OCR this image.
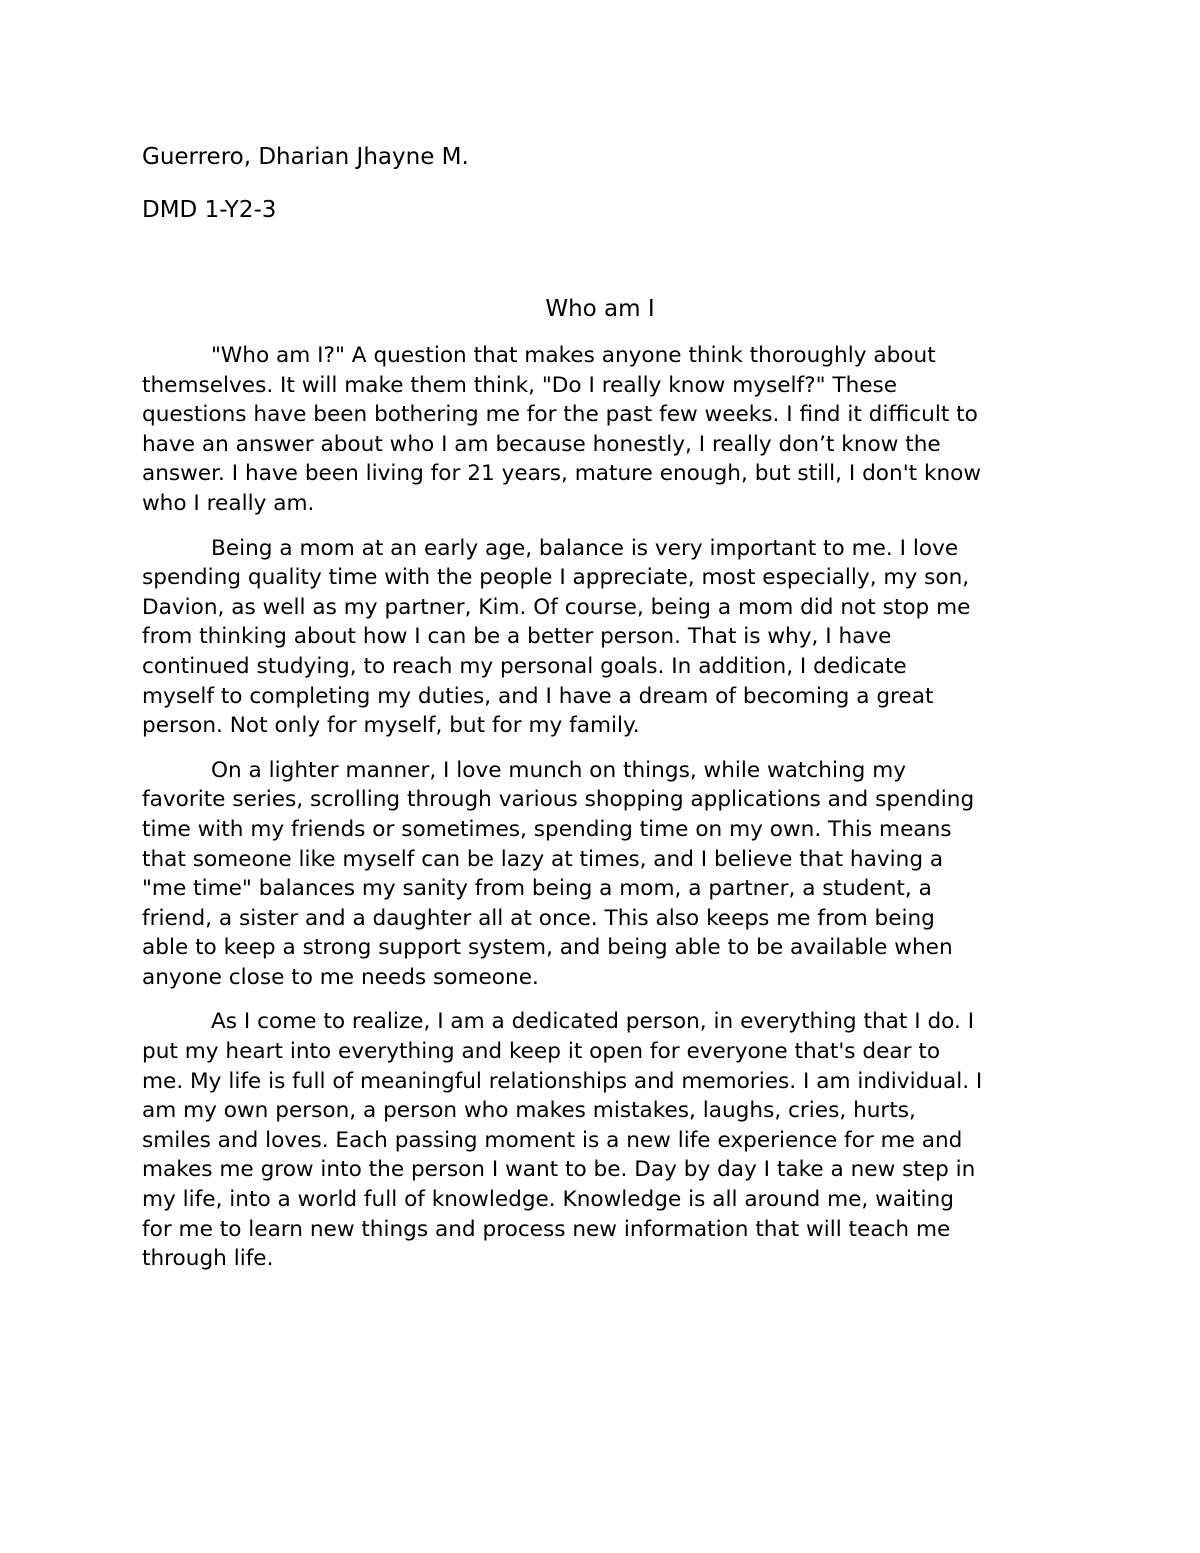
Guerrero, Dharian Jhayne M.
DMD 1-Y2-3
Who am I
"Who am I?" A question that makes anyone think thoroughly about
themselves. It will make them think, "Do I really know myself?" These
questions have been bothering me for the past few weeks. I find it difficult to
have an answer about who I am because honestly, I really don’t know the
answer. I have been living for 21 years, mature enough, but still, I don't know
who I really am.
Being a mom at an early age, balance is very important to me. I love
spending quality time with the people I appreciate, most especially, my son,
Davion, as well as my partner, Kim. Of course, being a mom did not stop me
from thinking about how I can be a better person. That is why, I have
continued studying, to reach my personal goals. In addition, I dedicate
myself to completing my duties, and I have a dream of becoming a great
person. Not only for myself, but for my family.
On a lighter manner, I love munch on things, while watching my
favorite series, scrolling through various shopping applications and spending
time with my friends or sometimes, spending time on my own. This means
that someone like myself can be lazy at times, and I believe that having a
"me time" balances my sanity from being a mom, a partner, a student, a
friend, a sister and a daughter all at once. This also keeps me from being
able to keep a strong support system, and being able to be available when
anyone close to me needs someone.
As I come to realize, I am a dedicated person, in everything that I do. I
put my heart into everything and keep it open for everyone that's dear to
me. My life is full of meaningful relationships and memories. I am individual. I
am my own person, a person who makes mistakes, laughs, cries, hurts,
smiles and loves. Each passing moment is a new life experience for me and
makes me grow into the person I want to be. Day by day I take a new step in
my life, into a world full of knowledge. Knowledge is all around me, waiting
for me to learn new things and process new information that will teach me
through life.
